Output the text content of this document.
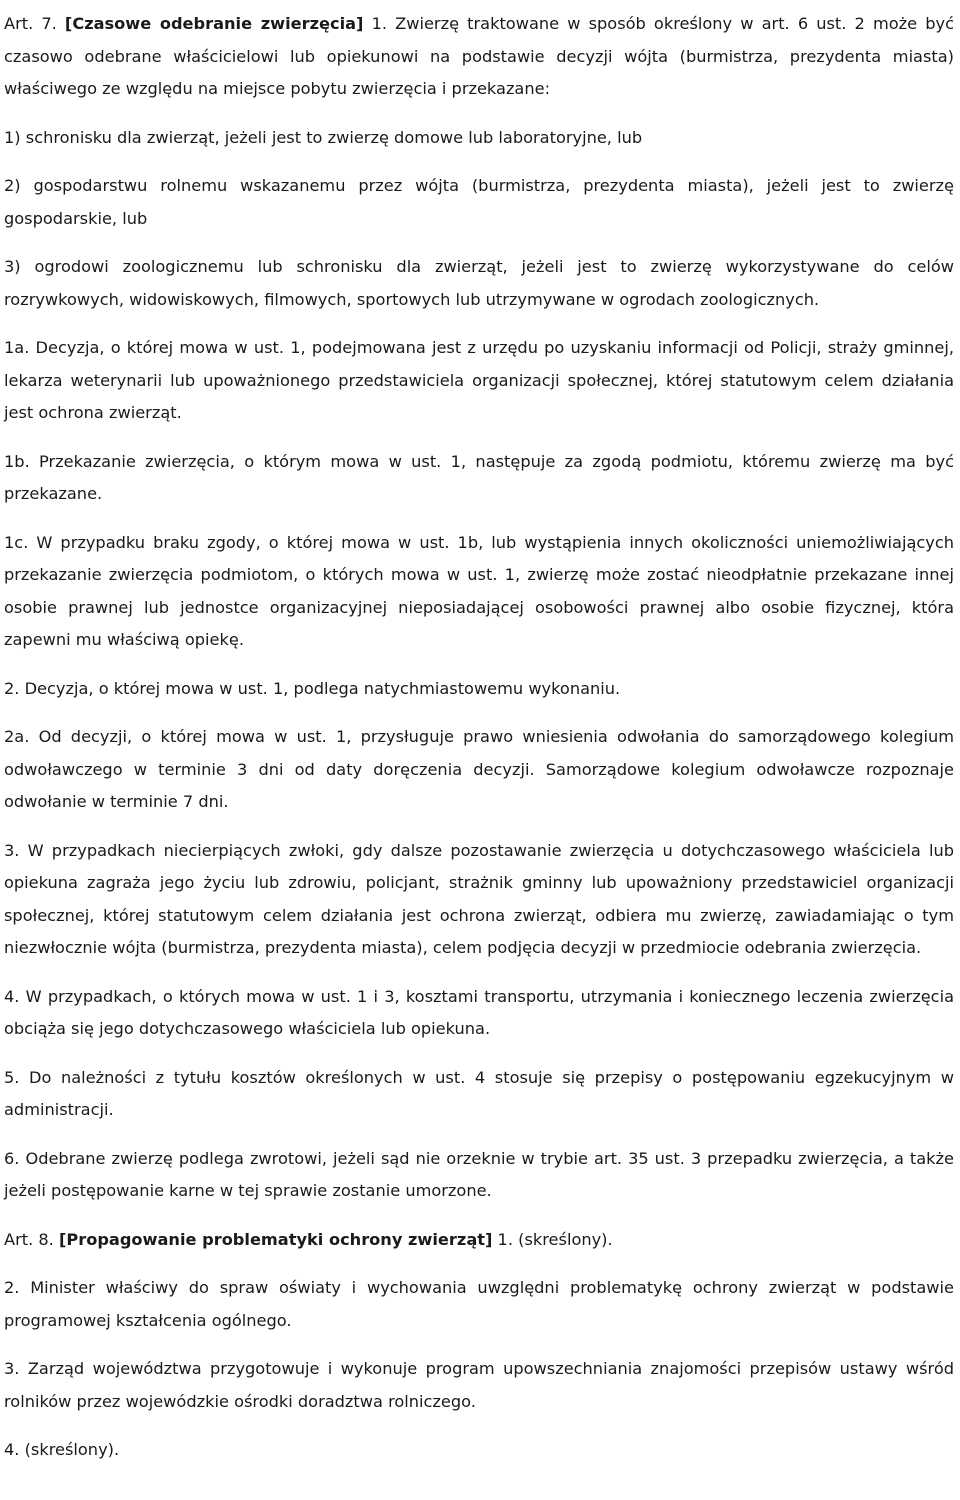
Art. 7. [Czasowe odebranie zwierzęcia] 1. Zwierzę traktowane w sposób określony w art. 6 ust. 2 może być czasowo odebrane właścicielowi lub opiekunowi na podstawie decyzji wójta (burmistrza, prezydenta miasta) właściwego ze względu na miejsce pobytu zwierzęcia i przekazane:

1) schronisku dla zwierząt, jeżeli jest to zwierzę domowe lub laboratoryjne, lub

2) gospodarstwu rolnemu wskazanemu przez wójta (burmistrza, prezydenta miasta), jeżeli jest to zwierzę gospodarskie, lub

3) ogrodowi zoologicznemu lub schronisku dla zwierząt, jeżeli jest to zwierzę wykorzystywane do celów rozrywkowych, widowiskowych, filmowych, sportowych lub utrzymywane w ogrodach zoologicznych.

1a. Decyzja, o której mowa w ust. 1, podejmowana jest z urzędu po uzyskaniu informacji od Policji, straży gminnej, lekarza weterynarii lub upoważnionego przedstawiciela organizacji społecznej, której statutowym celem działania jest ochrona zwierząt.

1b. Przekazanie zwierzęcia, o którym mowa w ust. 1, następuje za zgodą podmiotu, któremu zwierzę ma być przekazane.

1c. W przypadku braku zgody, o której mowa w ust. 1b, lub wystąpienia innych okoliczności uniemożliwiających przekazanie zwierzęcia podmiotom, o których mowa w ust. 1, zwierzę może zostać nieodpłatnie przekazane innej osobie prawnej lub jednostce organizacyjnej nieposiadającej osobowości prawnej albo osobie fizycznej, która zapewni mu właściwą opiekę.

2. Decyzja, o której mowa w ust. 1, podlega natychmiastowemu wykonaniu.

2a. Od decyzji, o której mowa w ust. 1, przysługuje prawo wniesienia odwołania do samorządowego kolegium odwoławczego w terminie 3 dni od daty doręczenia decyzji. Samorządowe kolegium odwoławcze rozpoznaje odwołanie w terminie 7 dni.

3. W przypadkach niecierpiących zwłoki, gdy dalsze pozostawanie zwierzęcia u dotychczasowego właściciela lub opiekuna zagraża jego życiu lub zdrowiu, policjant, strażnik gminny lub upoważniony przedstawiciel organizacji społecznej, której statutowym celem działania jest ochrona zwierząt, odbiera mu zwierzę, zawiadamiając o tym niezwłocznie wójta (burmistrza, prezydenta miasta), celem podjęcia decyzji w przedmiocie odebrania zwierzęcia.

4. W przypadkach, o których mowa w ust. 1 i 3, kosztami transportu, utrzymania i koniecznego leczenia zwierzęcia obciąża się jego dotychczasowego właściciela lub opiekuna.

5. Do należności z tytułu kosztów określonych w ust. 4 stosuje się przepisy o postępowaniu egzekucyjnym w administracji.

6. Odebrane zwierzę podlega zwrotowi, jeżeli sąd nie orzeknie w trybie art. 35 ust. 3 przepadku zwierzęcia, a także jeżeli postępowanie karne w tej sprawie zostanie umorzone.

Art. 8. [Propagowanie problematyki ochrony zwierząt] 1. (skreślony).

2. Minister właściwy do spraw oświaty i wychowania uwzględni problematykę ochrony zwierząt w podstawie programowej kształcenia ogólnego.

3. Zarząd województwa przygotowuje i wykonuje program upowszechniania znajomości przepisów ustawy wśród rolników przez wojewódzkie ośrodki doradztwa rolniczego.

4. (skreślony).
